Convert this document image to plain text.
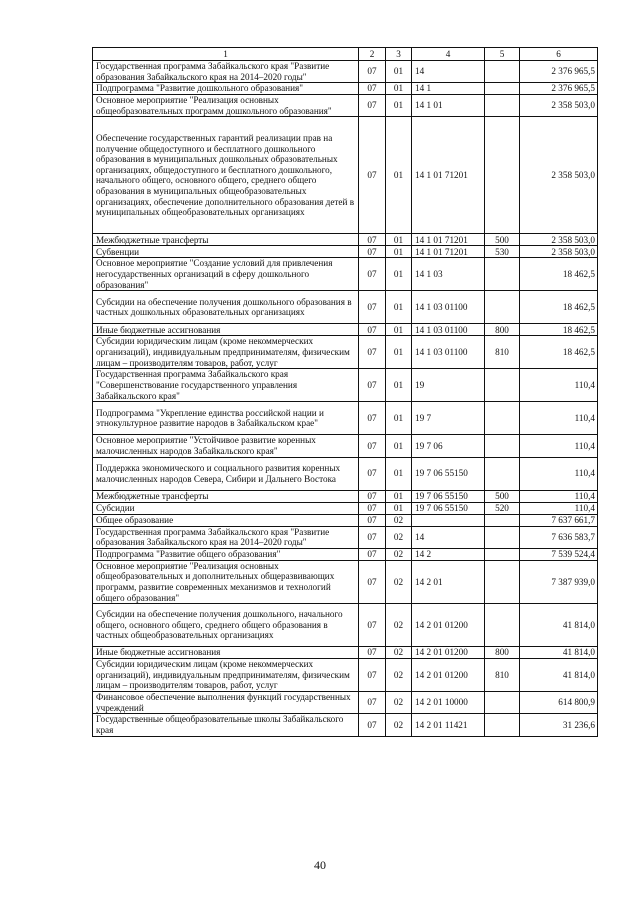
1	2	3	4	5	6
Государственная программа Забайкальского края "Развитие образования Забайкальского края на 2014–2020 годы"	07	01	14		2 376 965,5
Подпрограмма "Развитие дошкольного образования"	07	01	14 1		2 376 965,5
Основное мероприятие "Реализация основных общеобразовательных программ дошкольного образования"	07	01	14 1 01		2 358 503,0
Обеспечение государственных гарантий реализации прав на получение общедоступного и бесплатного дошкольного образования в муниципальных дошкольных образовательных организациях, общедоступного и бесплатного дошкольного, начального общего, основного общего, среднего общего образования в муниципальных общеобразовательных организациях, обеспечение дополнительного образования детей в муниципальных общеобразовательных организациях	07	01	14 1 01 71201		2 358 503,0
Межбюджетные трансферты	07	01	14 1 01 71201	500	2 358 503,0
Субвенции	07	01	14 1 01 71201	530	2 358 503,0
Основное мероприятие "Создание условий для привлечения негосударственных организаций в сферу дошкольного образования"	07	01	14 1 03		18 462,5
Субсидии на обеспечение получения дошкольного образования в частных дошкольных образовательных организациях	07	01	14 1 03 01100		18 462,5
Иные бюджетные ассигнования	07	01	14 1 03 01100	800	18 462,5
Субсидии юридическим лицам (кроме некоммерческих организаций), индивидуальным предпринимателям, физическим лицам – производителям товаров, работ, услуг	07	01	14 1 03 01100	810	18 462,5
Государственная программа Забайкальского края "Совершенствование государственного управления Забайкальского края"	07	01	19		110,4
Подпрограмма "Укрепление единства российской нации и этнокультурное развитие народов в Забайкальском крае"	07	01	19 7		110,4
Основное мероприятие "Устойчивое развитие коренных малочисленных народов Забайкальского края"	07	01	19 7 06		110,4
Поддержка экономического и социального развития коренных малочисленных народов Севера, Сибири и Дальнего Востока	07	01	19 7 06 55150		110,4
Межбюджетные трансферты	07	01	19 7 06 55150	500	110,4
Субсидии	07	01	19 7 06 55150	520	110,4
Общее образование	07	02			7 637 661,7
Государственная программа Забайкальского края "Развитие образования Забайкальского края на 2014–2020 годы"	07	02	14		7 636 583,7
Подпрограмма "Развитие общего образования"	07	02	14 2		7 539 524,4
Основное мероприятие "Реализация основных общеобразовательных и дополнительных общеразвивающих программ, развитие современных механизмов и технологий общего образования"	07	02	14 2 01		7 387 939,0
Субсидии на обеспечение получения дошкольного, начального общего, основного общего, среднего общего образования в частных общеобразовательных организациях	07	02	14 2 01 01200		41 814,0
Иные бюджетные ассигнования	07	02	14 2 01 01200	800	41 814,0
Субсидии юридическим лицам (кроме некоммерческих организаций), индивидуальным предпринимателям, физическим лицам – производителям товаров, работ, услуг	07	02	14 2 01 01200	810	41 814,0
Финансовое обеспечение выполнения функций государственных учреждений	07	02	14 2 01 10000		614 800,9
Государственные общеобразовательные школы Забайкальского края	07	02	14 2 01 11421		31 236,6
40
